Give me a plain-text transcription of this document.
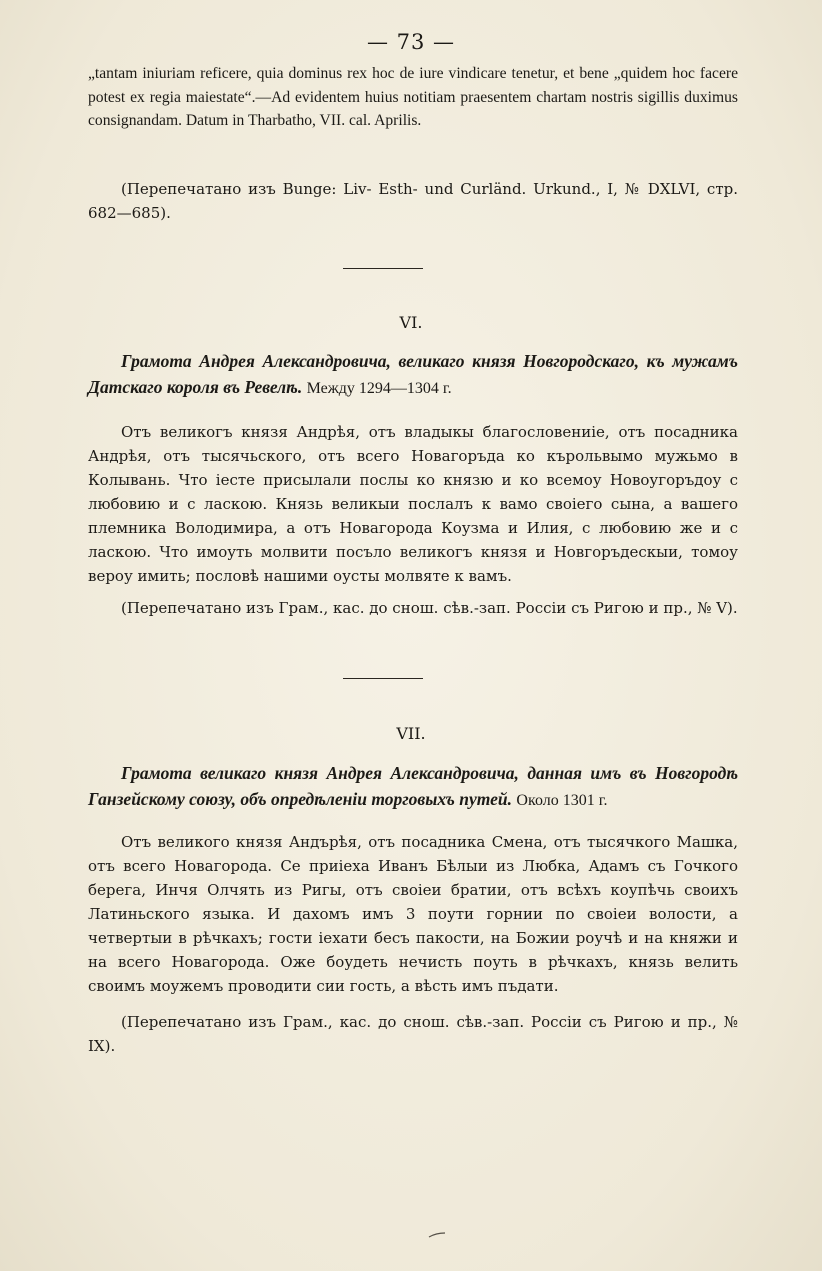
— 73 —

„tantam iniuriam reficere, quia dominus rex hoc de iure vindicare tenetur, et bene „quidem hoc facere potest ex regia maiestate“.—Ad evidentem huius notitiam praesentem chartam nostris sigillis duximus consignandam. Datum in Tharbatho, VII. cal. Aprilis.

(Перепечатано изъ Bunge: Liv- Esth- und Curländ. Urkund., I, № DXLVI, стр. 682—685).

VI.

Грамота Андрея Александровича, великаго князя Новгородскаго, къ мужамъ Датскаго короля въ Ревелѣ. Между 1294—1304 г.

Отъ великогъ князя Андрѣя, отъ владыкы благословениіе, отъ посадника Андрѣя, отъ тысячьского, отъ всего Новагоръда ко кърольвымо мужьмо в Колывань. Что іесте присылали послы ко князю и ко всемоу Новоугоръдоу с любовию и с ласкою. Князь великыи послалъ к вамо своіего сына, а вашего племника Володимира, а отъ Новагорода Коузма и Илия, с любовию же и с ласкою. Что имоуть молвити посъло великогъ князя и Новгоръдескыи, томоу вероу имить; пословѣ нашими оусты молвяте к вамъ.

(Перепечатано изъ Грам., кас. до снош. сѣв.-зап. Россіи съ Ригою и пр., № V).

VII.

Грамота великаго князя Андрея Александровича, данная имъ въ Новгородѣ Ганзейскому союзу, объ опредѣленіи торговыхъ путей. Около 1301 г.

Отъ великого князя Андърѣя, отъ посадника Смена, отъ тысячкого Машка, отъ всего Новагорода. Се приіеха Иванъ Бѣлыи из Любка, Адамъ съ Гочкого берега, Инчя Олчять из Ригы, отъ своіеи братии, отъ всѣхъ коупѣчь своихъ Латиньского языка. И дахомъ имъ 3 поути горнии по своіеи волости, а четвертыи в рѣчкахъ; гости іехати бесъ пакости, на Божии роучѣ и на княжи и на всего Новагорода. Оже боудеть нечисть поуть в рѣчкахъ, князь велить своимъ моужемъ проводити сии гость, а вѣсть имъ пъдати.

(Перепечатано изъ Грам., кас. до снош. сѣв.-зап. Россіи съ Ригою и пр., № IX).
